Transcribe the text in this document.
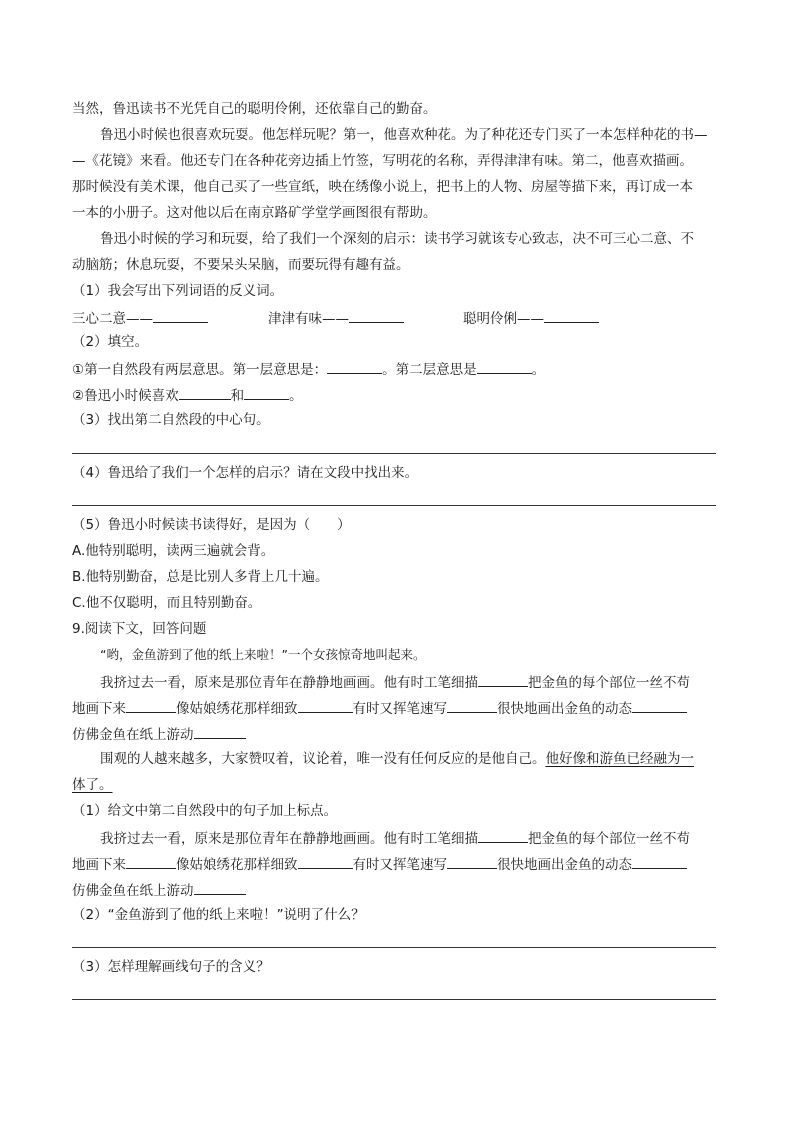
当然，鲁迅读书不光凭自己的聪明伶俐，还依靠自己的勤奋。
鲁迅小时候也很喜欢玩耍。他怎样玩呢？第一，他喜欢种花。为了种花还专门买了一本怎样种花的书—
—《花镜》来看。他还专门在各种花旁边插上竹签，写明花的名称，弄得津津有味。第二，他喜欢描画。
那时候没有美术课，他自己买了一些宣纸，映在绣像小说上，把书上的人物、房屋等描下来，再订成一本
一本的小册子。这对他以后在南京路矿学堂学画图很有帮助。
鲁迅小时候的学习和玩耍，给了我们一个深刻的启示：读书学习就该专心致志，决不可三心二意、不
动脑筋；休息玩耍，不要呆头呆脑，而要玩得有趣有益。
（1）我会写出下列词语的反义词。
三心二意——	津津有味——	聪明伶俐——
（2）填空。
①第一自然段有两层意思。第一层意思是：	。第二层意思是	。
②鲁迅小时候喜欢	和	。
（3）找出第二自然段的中心句。
（4）鲁迅给了我们一个怎样的启示？请在文段中找出来。
（5）鲁迅小时候读书读得好，是因为（　　）
A.他特别聪明，读两三遍就会背。
B.他特别勤奋，总是比别人多背上几十遍。
C.他不仅聪明，而且特别勤奋。
9.阅读下文，回答问题
“哟，金鱼游到了他的纸上来啦！”一个女孩惊奇地叫起来。
我挤过去一看，原来是那位青年在静静地画画。他有时工笔细描	把金鱼的每个部位一丝不苟
地画下来	像姑娘绣花那样细致	有时又挥笔速写	很快地画出金鱼的动态
仿佛金鱼在纸上游动
围观的人越来越多，大家赞叹着，议论着，唯一没有任何反应的是他自己。他好像和游鱼已经融为一
体了。
（1）给文中第二自然段中的句子加上标点。
我挤过去一看，原来是那位青年在静静地画画。他有时工笔细描	把金鱼的每个部位一丝不苟
地画下来	像姑娘绣花那样细致	有时又挥笔速写	很快地画出金鱼的动态
仿佛金鱼在纸上游动
（2）“金鱼游到了他的纸上来啦！”说明了什么？
（3）怎样理解画线句子的含义？
